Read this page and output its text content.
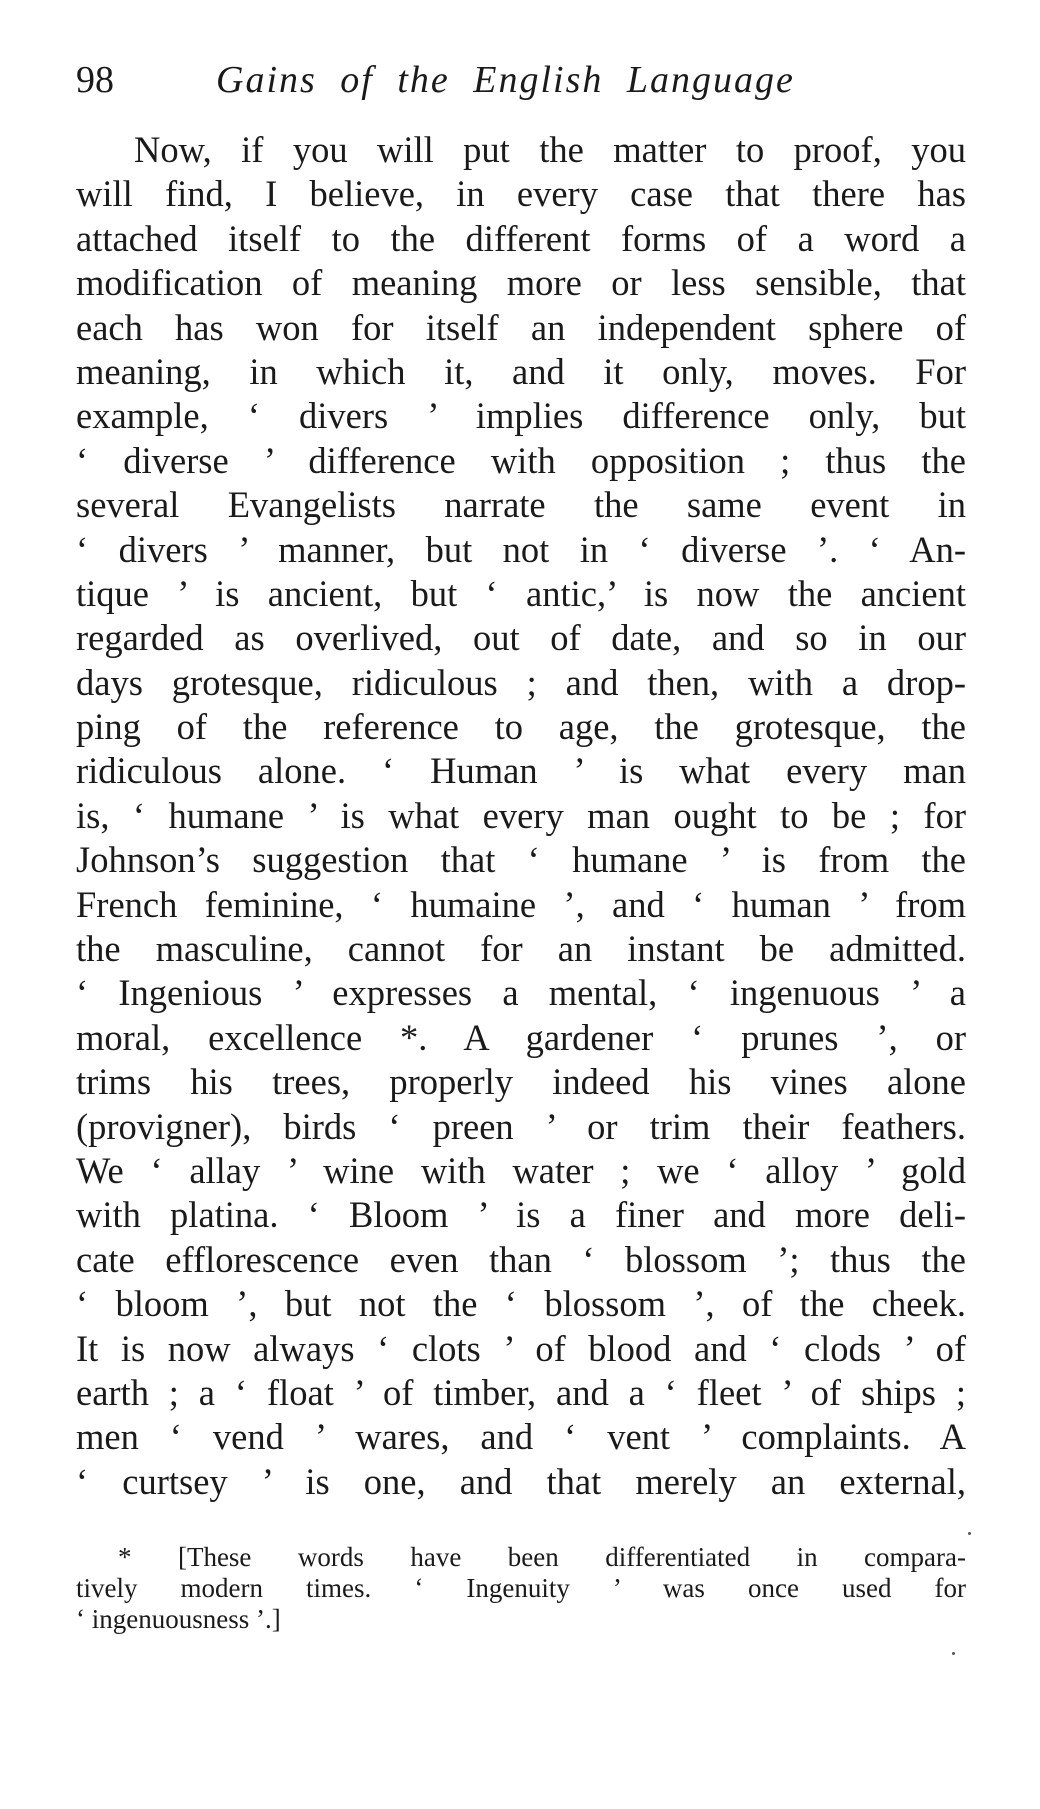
98	Gains of the English Language
Now, if you will put the matter to proof, you
will find, I believe, in every case that there has
attached itself to the different forms of a word a
modification of meaning more or less sensible, that
each has won for itself an independent sphere of
meaning, in which it, and it only, moves. For
example, ‘ divers ’ implies difference only, but
‘ diverse ’ difference with opposition ; thus the
several Evangelists narrate the same event in
‘ divers ’ manner, but not in ‘ diverse ’. ‘ An-
tique ’ is ancient, but ‘ antic,’ is now the ancient
regarded as overlived, out of date, and so in our
days grotesque, ridiculous ; and then, with a drop-
ping of the reference to age, the grotesque, the
ridiculous alone. ‘ Human ’ is what every man
is, ‘ humane ’ is what every man ought to be ; for
Johnson’s suggestion that ‘ humane ’ is from the
French feminine, ‘ humaine ’, and ‘ human ’ from
the masculine, cannot for an instant be admitted.
‘ Ingenious ’ expresses a mental, ‘ ingenuous ’ a
moral, excellence *. A gardener ‘ prunes ’, or
trims his trees, properly indeed his vines alone
(provigner), birds ‘ preen ’ or trim their feathers.
We ‘ allay ’ wine with water ; we ‘ alloy ’ gold
with platina. ‘ Bloom ’ is a finer and more deli-
cate efflorescence even than ‘ blossom ’; thus the
‘ bloom ’, but not the ‘ blossom ’, of the cheek.
It is now always ‘ clots ’ of blood and ‘ clods ’ of
earth ; a ‘ float ’ of timber, and a ‘ fleet ’ of ships ;
men ‘ vend ’ wares, and ‘ vent ’ complaints. A
‘ curtsey ’ is one, and that merely an external,
* [These words have been differentiated in compara-
tively modern times. ‘ Ingenuity ’ was once used for
‘ ingenuousness ’.]
